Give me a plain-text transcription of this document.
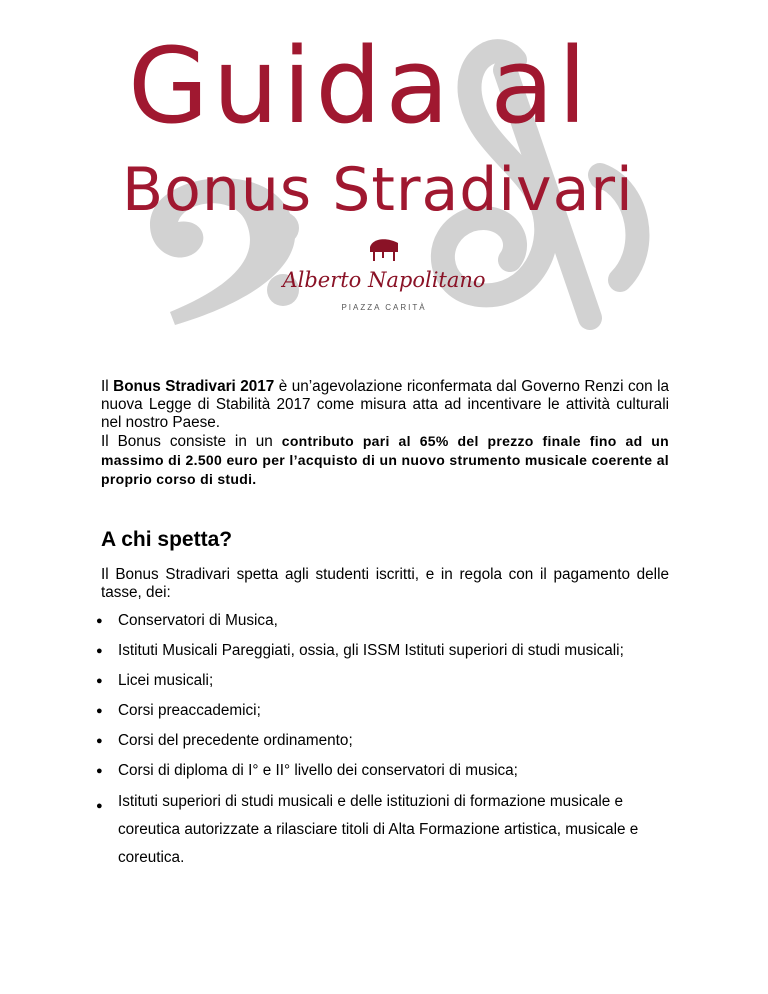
Guida al
Bonus Stradivari
Alberto Napolitano
PIAZZA CARITÀ

Il Bonus Stradivari 2017 è un’agevolazione riconfermata dal Governo Renzi con la nuova Legge di Stabilità 2017 come misura atta ad incentivare le attività culturali nel nostro Paese.

Il Bonus consiste in un contributo pari al 65% del prezzo finale fino ad un massimo di 2.500 euro per l’acquisto di un nuovo strumento musicale coerente al proprio corso di studi.

A chi spetta?

Il Bonus Stradivari spetta agli studenti iscritti, e in regola con il pagamento delle tasse, dei:

● Conservatori di Musica,
● Istituti Musicali Pareggiati, ossia, gli ISSM Istituti superiori di studi musicali;
● Licei musicali;
● Corsi preaccademici;
● Corsi del precedente ordinamento;
● Corsi di diploma di I° e II° livello dei conservatori di musica;
● Istituti superiori di studi musicali e delle istituzioni di formazione musicale e coreutica autorizzate a rilasciare titoli di Alta Formazione artistica, musicale e coreutica.
